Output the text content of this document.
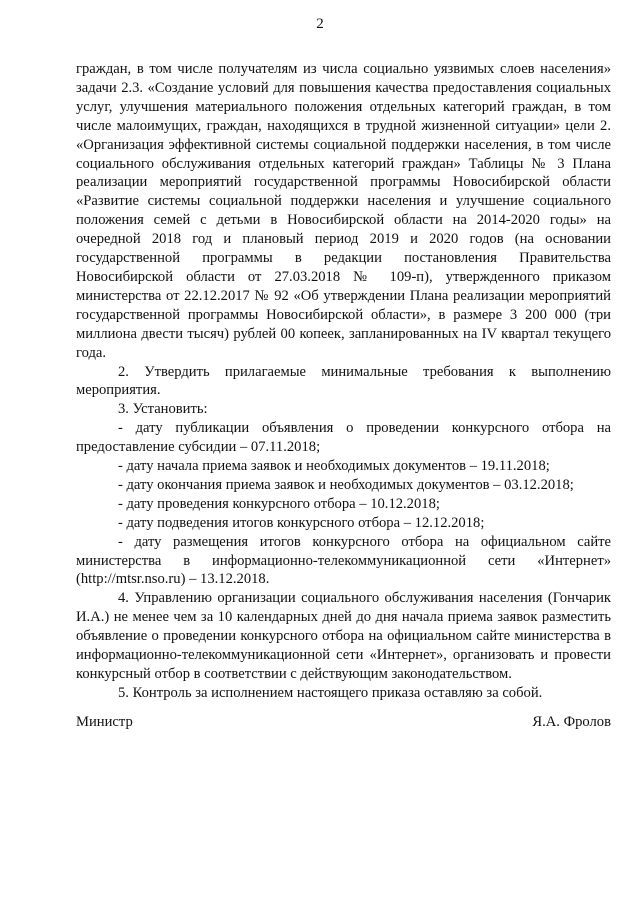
2

граждан, в том числе получателям из числа социально уязвимых слоев населения» задачи 2.3. «Создание условий для повышения качества предоставления социальных услуг, улучшения материального положения отдельных категорий граждан, в том числе малоимущих, граждан, находящихся в трудной жизненной ситуации» цели 2. «Организация эффективной системы социальной поддержки населения, в том числе социального обслуживания отдельных категорий граждан» Таблицы № 3 Плана реализации мероприятий государственной программы Новосибирской области «Развитие системы социальной поддержки населения и улучшение социального положения семей с детьми в Новосибирской области на 2014-2020 годы» на очередной 2018 год и плановый период 2019 и 2020 годов (на основании государственной программы в редакции постановления Правительства Новосибирской области от 27.03.2018 № 109-п), утвержденного приказом министерства от 22.12.2017 № 92 «Об утверждении Плана реализации мероприятий государственной программы Новосибирской области», в размере 3 200 000 (три миллиона двести тысяч) рублей 00 копеек, запланированных на IV квартал текущего года.

2. Утвердить прилагаемые минимальные требования к выполнению мероприятия.

3. Установить:

- дату публикации объявления о проведении конкурсного отбора на предоставление субсидии – 07.11.2018;

- дату начала приема заявок и необходимых документов – 19.11.2018;

- дату окончания приема заявок и необходимых документов – 03.12.2018;

- дату проведения конкурсного отбора – 10.12.2018;

- дату подведения итогов конкурсного отбора – 12.12.2018;

- дату размещения итогов конкурсного отбора на официальном сайте министерства в информационно-телекоммуникационной сети «Интернет» (http://mtsr.nso.ru) – 13.12.2018.

4. Управлению организации социального обслуживания населения (Гончарик И.А.) не менее чем за 10 календарных дней до дня начала приема заявок разместить объявление о проведении конкурсного отбора на официальном сайте министерства в информационно-телекоммуникационной сети «Интернет», организовать и провести конкурсный отбор в соответствии с действующим законодательством.

5. Контроль за исполнением настоящего приказа оставляю за собой.

Министр	Я.А. Фролов
